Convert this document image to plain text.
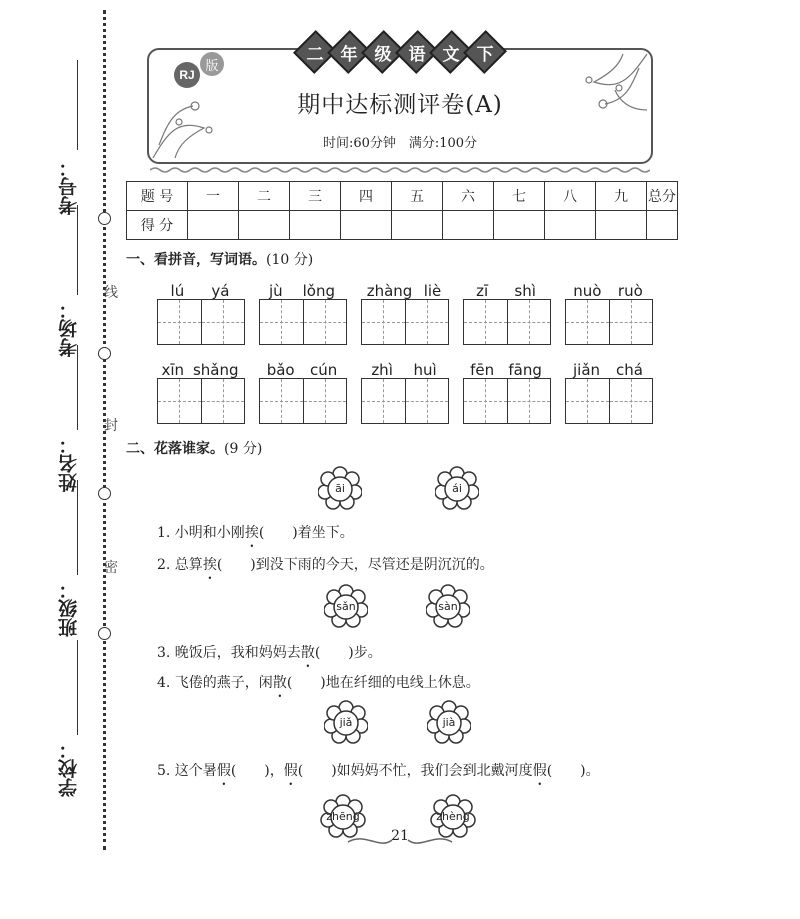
线
封
密
考号：
考场：
姓名：
班级：
学校：
二 年 级 语 文 下
RJ
版
期中达标测评卷(A)
时间:60分钟　满分:100分
题 号	一	二	三	四	五	六	七	八	九	总分
得 分										
一、看拼音，写词语。(10 分)
lú yá	jù lǒng zhàng liè zī shì nuò ruò
xīn shǎng bǎo cún zhì huì fēn fāng jiǎn chá
二、花落谁家。(9 分)
āi	ái
1. 小明和小刚挨(　　)着坐下。
2. 总算挨(　　)到没下雨的今天，尽管还是阴沉沉的。
sǎn	sàn
3. 晚饭后，我和妈妈去散(　　)步。
4. 飞倦的燕子，闲散(　　)地在纤细的电线上休息。
jiǎ	jià
5. 这个暑假(　　)，假(　　)如妈妈不忙，我们会到北戴河度假(　　)。
zhēng	zhèng
21
